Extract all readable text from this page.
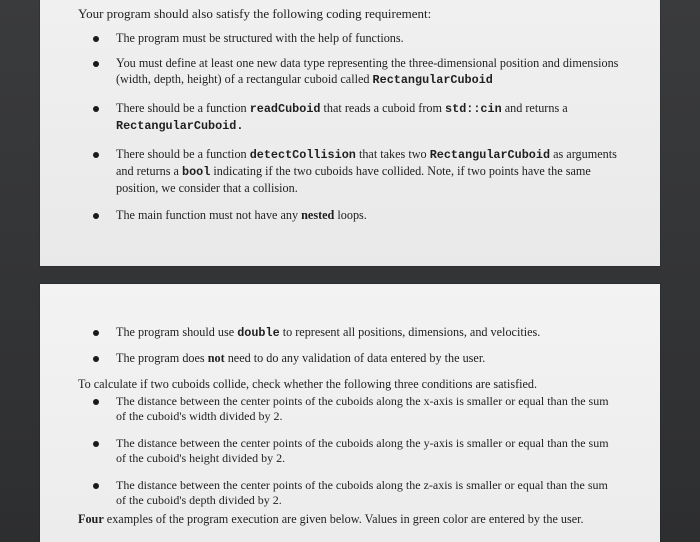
Your program should also satisfy the following coding requirement:
The program must be structured with the help of functions.
You must define at least one new data type representing the three-dimensional position and dimensions
(width, depth, height) of a rectangular cuboid called RectangularCuboid
There should be a function readCuboid that reads a cuboid from std::cin and returns a
RectangularCuboid.
There should be a function detectCollision that takes two RectangularCuboid as arguments
and returns a bool indicating if the two cuboids have collided. Note, if two points have the same
position, we consider that a collision.
The main function must not have any nested loops.
The program should use double to represent all positions, dimensions, and velocities.
The program does not need to do any validation of data entered by the user.
To calculate if two cuboids collide, check whether the following three conditions are satisfied.
The distance between the center points of the cuboids along the x-axis is smaller or equal than the sum
of the cuboid's width divided by 2.
The distance between the center points of the cuboids along the y-axis is smaller or equal than the sum
of the cuboid's height divided by 2.
The distance between the center points of the cuboids along the z-axis is smaller or equal than the sum
of the cuboid's depth divided by 2.
Four examples of the program execution are given below. Values in green color are entered by the user.
